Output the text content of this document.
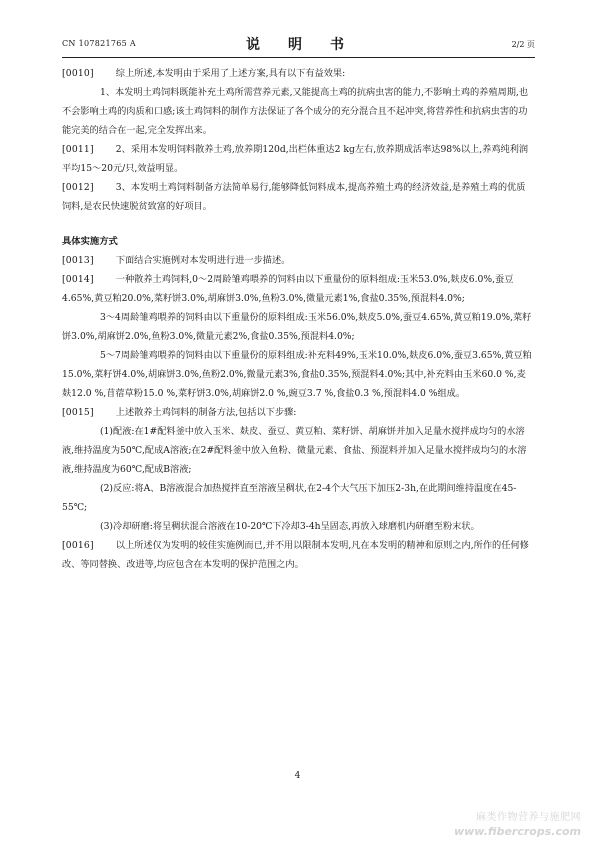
CN 107821765 A	说　明　书	2/2 页

[0010] 综上所述,本发明由于采用了上述方案,具有以下有益效果:

1、本发明土鸡饲料既能补充土鸡所需营养元素,又能提高土鸡的抗病虫害的能力,不影响土鸡的养殖周期,也不会影响土鸡的肉质和口感;该土鸡饲料的制作方法保证了各个成分的充分混合且不起冲突,将营养性和抗病虫害的功能完美的结合在一起,完全发挥出来。

[0011] 2、采用本发明饲料散养土鸡,放养期120d,出栏体重达2 kg左右,放养期成活率达98%以上,养鸡纯利润平均15～20元/只,效益明显。

[0012] 3、本发明土鸡饲料制备方法简单易行,能够降低饲料成本,提高养殖土鸡的经济效益,是养殖土鸡的优质饲料,是农民快速脱贫致富的好项目。

具体实施方式

[0013] 下面结合实施例对本发明进行进一步描述。

[0014] 一种散养土鸡饲料,0～2周龄雏鸡喂养的饲料由以下重量份的原料组成:玉米53.0%,麸皮6.0%,蚕豆4.65%,黄豆粕20.0%,菜籽饼3.0%,胡麻饼3.0%,鱼粉3.0%,微量元素1%,食盐0.35%,预混料4.0%;

3～4周龄雏鸡喂养的饲料由以下重量份的原料组成:玉米56.0%,麸皮5.0%,蚕豆4.65%,黄豆粕19.0%,菜籽饼3.0%,胡麻饼2.0%,鱼粉3.0%,微量元素2%,食盐0.35%,预混料4.0%;

5～7周龄雏鸡喂养的饲料由以下重量份的原料组成:补充料49%,玉米10.0%,麸皮6.0%,蚕豆3.65%,黄豆粕15.0%,菜籽饼4.0%,胡麻饼3.0%,鱼粉2.0%,微量元素3%,食盐0.35%,预混料4.0%;其中,补充料由玉米60.0 %,麦麸12.0 %,苜蓿草粉15.0 %,菜籽饼3.0%,胡麻饼2.0 %,豌豆3.7 %,食盐0.3 %,预混料4.0 %组成。

[0015] 上述散养土鸡饲料的制备方法,包括以下步骤:

(1)配液:在1#配料釜中放入玉米、麸皮、蚕豆、黄豆粕、菜籽饼、胡麻饼并加入足量水搅拌成均匀的水溶液,维持温度为50℃,配成A溶液;在2#配料釜中放入鱼粉、微量元素、食盐、预混料并加入足量水搅拌成均匀的水溶液,维持温度为60℃,配成B溶液;

(2)反应:将A、B溶液混合加热搅拌直至溶液呈稠状,在2-4个大气压下加压2-3h,在此期间维持温度在45-55℃;

(3)冷却研磨:将呈稠状混合溶液在10-20℃下冷却3-4h呈固态,再放入球磨机内研磨至粉末状。

[0016] 以上所述仅为发明的较佳实施例而已,并不用以限制本发明,凡在本发明的精神和原则之内,所作的任何修改、等同替换、改进等,均应包含在本发明的保护范围之内。

4
麻类作物营养与施肥网
www.fibercrops.com
